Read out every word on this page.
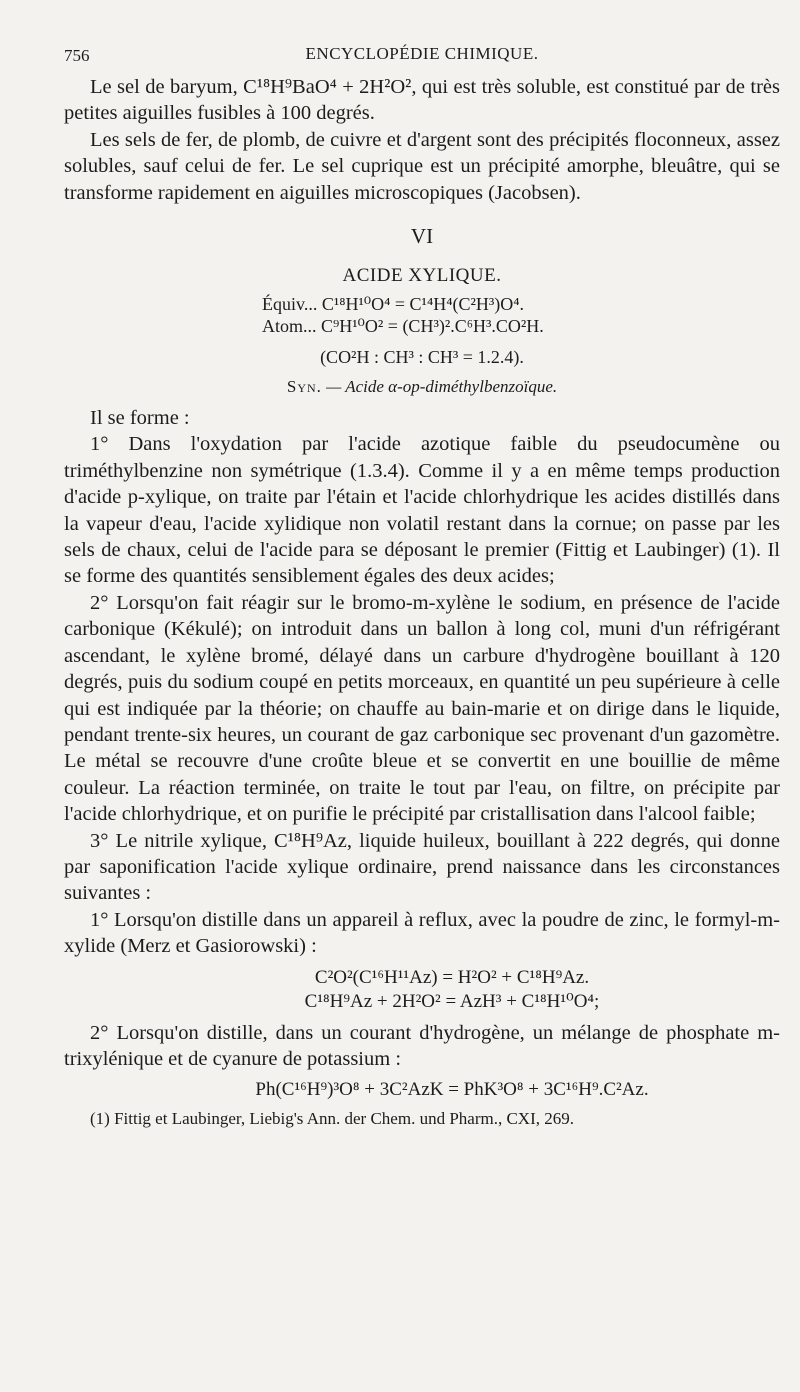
756	ENCYCLOPÉDIE CHIMIQUE.

Le sel de baryum, C¹⁸H⁹BaO⁴ + 2H²O², qui est très soluble, est constitué par de très petites aiguilles fusibles à 100 degrés.

Les sels de fer, de plomb, de cuivre et d'argent sont des précipités floconneux, assez solubles, sauf celui de fer. Le sel cuprique est un précipité amorphe, bleuâtre, qui se transforme rapidement en aiguilles microscopiques (Jacobsen).

VI
ACIDE XYLIQUE.
Équiv... C¹⁸H¹⁰O⁴ = C¹⁴H⁴(C²H³)O⁴.
Atom... C⁹H¹⁰O² = (CH³)².C⁶H³.CO²H.
(CO²H : CH³ : CH³ = 1.2.4).
Syn. — Acide α-op-diméthylbenzoïque.

Il se forme :

1° Dans l'oxydation par l'acide azotique faible du pseudocumène ou triméthylbenzine non symétrique (1.3.4). Comme il y a en même temps production d'acide p-xylique, on traite par l'étain et l'acide chlorhydrique les acides distillés dans la vapeur d'eau, l'acide xylidique non volatil restant dans la cornue; on passe par les sels de chaux, celui de l'acide para se déposant le premier (Fittig et Laubinger) (1). Il se forme des quantités sensiblement égales des deux acides;

2° Lorsqu'on fait réagir sur le bromo-m-xylène le sodium, en présence de l'acide carbonique (Kékulé); on introduit dans un ballon à long col, muni d'un réfrigérant ascendant, le xylène bromé, délayé dans un carbure d'hydrogène bouillant à 120 degrés, puis du sodium coupé en petits morceaux, en quantité un peu supérieure à celle qui est indiquée par la théorie; on chauffe au bain-marie et on dirige dans le liquide, pendant trente-six heures, un courant de gaz carbonique sec provenant d'un gazomètre. Le métal se recouvre d'une croûte bleue et se convertit en une bouillie de même couleur. La réaction terminée, on traite le tout par l'eau, on filtre, on précipite par l'acide chlorhydrique, et on purifie le précipité par cristallisation dans l'alcool faible;

3° Le nitrile xylique, C¹⁸H⁹Az, liquide huileux, bouillant à 222 degrés, qui donne par saponification l'acide xylique ordinaire, prend naissance dans les circonstances suivantes :

1° Lorsqu'on distille dans un appareil à reflux, avec la poudre de zinc, le formyl-m-xylide (Merz et Gasiorowski) :

C²O²(C¹⁶H¹¹Az) = H²O² + C¹⁸H⁹Az.
C¹⁸H⁹Az + 2H²O² = AzH³ + C¹⁸H¹⁰O⁴;

2° Lorsqu'on distille, dans un courant d'hydrogène, un mélange de phosphate m-trixylénique et de cyanure de potassium :

Ph(C¹⁶H⁹)³O⁸ + 3C²AzK = PhK³O⁸ + 3C¹⁶H⁹.C²Az.
(1) Fittig et Laubinger, Liebig's Ann. der Chem. und Pharm., CXI, 269.
